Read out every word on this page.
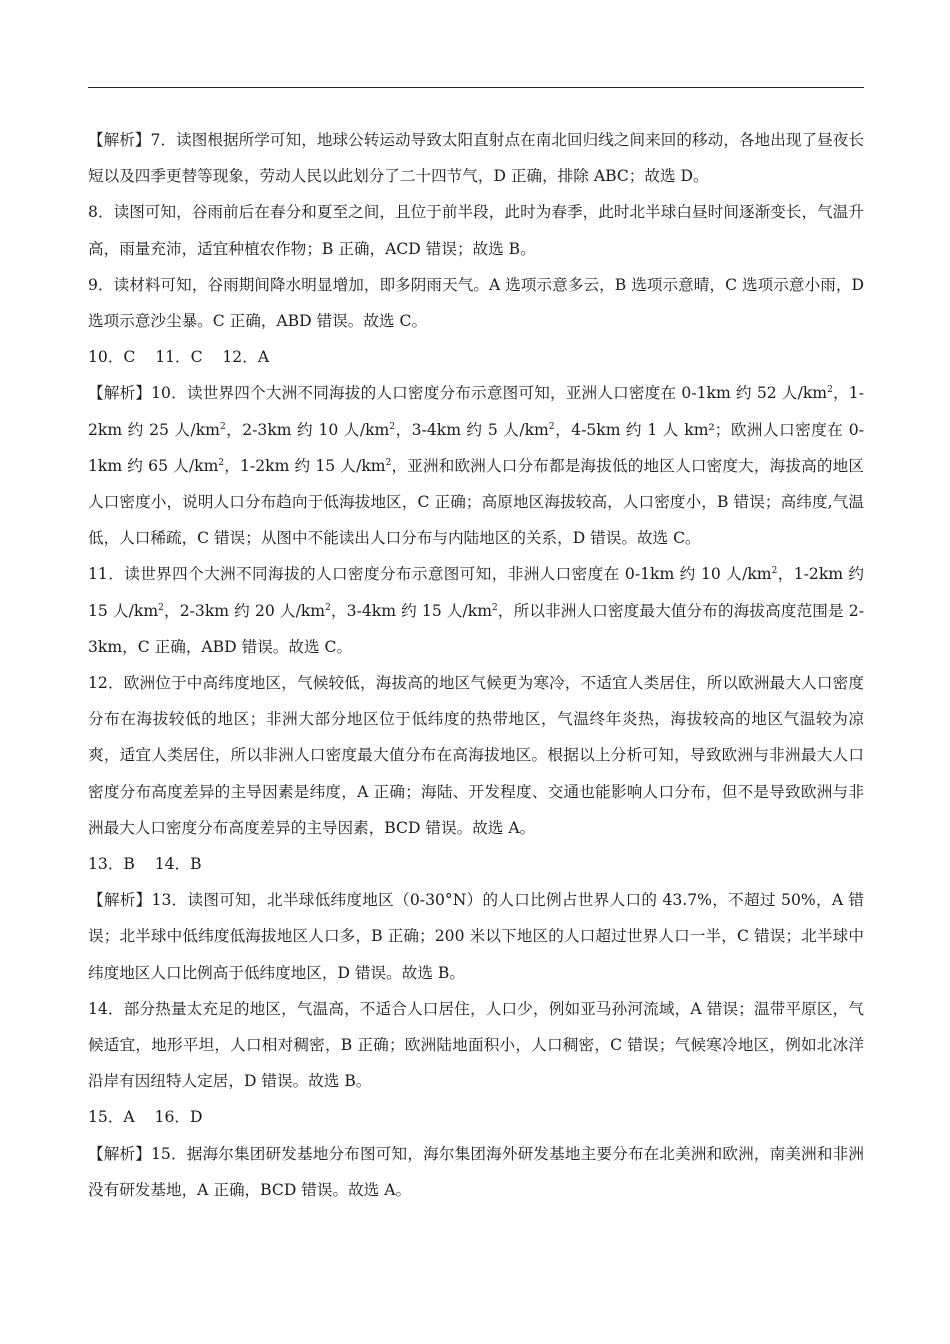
【解析】7．读图根据所学可知，地球公转运动导致太阳直射点在南北回归线之间来回的移动，各地出现了昼夜长短以及四季更替等现象，劳动人民以此划分了二十四节气，D 正确，排除 ABC；故选 D。

8．读图可知，谷雨前后在春分和夏至之间，且位于前半段，此时为春季，此时北半球白昼时间逐渐变长，气温升高，雨量充沛，适宜种植农作物；B 正确，ACD 错误；故选 B。

9．读材料可知，谷雨期间降水明显增加，即多阴雨天气。A 选项示意多云，B 选项示意晴，C 选项示意小雨，D 选项示意沙尘暴。C 正确，ABD 错误。故选 C。

10．C    11．C    12．A

【解析】10．读世界四个大洲不同海拔的人口密度分布示意图可知，亚洲人口密度在 0-1km 约 52 人$/km^2$，1-2km 约 25 人$/km^2$，2-3km 约 10 人$/km^2$，3-4km 约 5 人$/km^2$，4-5km 约 1 人 km²；欧洲人口密度在 0-1km 约 65 人$/km^2$，1-2km 约 15 人$/km^2$，亚洲和欧洲人口分布都是海拔低的地区人口密度大，海拔高的地区人口密度小，说明人口分布趋向于低海拔地区，C 正确；高原地区海拔较高，人口密度小，B 错误；高纬度,气温低，人口稀疏，C 错误；从图中不能读出人口分布与内陆地区的关系，D 错误。故选 C。

11．读世界四个大洲不同海拔的人口密度分布示意图可知，非洲人口密度在 0-1km 约 10 人$/km^2$，1-2km 约 15 人$/km^2$，2-3km 约 20 人$/km^2$，3-4km 约 15 人$/km^2$，所以非洲人口密度最大值分布的海拔高度范围是 2-3km，C 正确，ABD 错误。故选 C。

12．欧洲位于中高纬度地区，气候较低，海拔高的地区气候更为寒冷，不适宜人类居住，所以欧洲最大人口密度分布在海拔较低的地区；非洲大部分地区位于低纬度的热带地区，气温终年炎热，海拔较高的地区气温较为凉爽，适宜人类居住，所以非洲人口密度最大值分布在高海拔地区。根据以上分析可知，导致欧洲与非洲最大人口密度分布高度差异的主导因素是纬度，A 正确；海陆、开发程度、交通也能影响人口分布，但不是导致欧洲与非洲最大人口密度分布高度差异的主导因素，BCD 错误。故选 A。

13．B    14．B

【解析】13．读图可知，北半球低纬度地区（0-30°N）的人口比例占世界人口的 43.7%，不超过 50%，A 错误；北半球中低纬度低海拔地区人口多，B 正确；200 米以下地区的人口超过世界人口一半，C 错误；北半球中纬度地区人口比例高于低纬度地区，D 错误。故选 B。

14．部分热量太充足的地区，气温高，不适合人口居住，人口少，例如亚马孙河流域，A 错误；温带平原区，气候适宜，地形平坦，人口相对稠密，B 正确；欧洲陆地面积小，人口稠密，C 错误；气候寒冷地区，例如北冰洋沿岸有因纽特人定居，D 错误。故选 B。

15．A    16．D

【解析】15．据海尔集团研发基地分布图可知，海尔集团海外研发基地主要分布在北美洲和欧洲，南美洲和非洲没有研发基地，A 正确，BCD 错误。故选 A。
